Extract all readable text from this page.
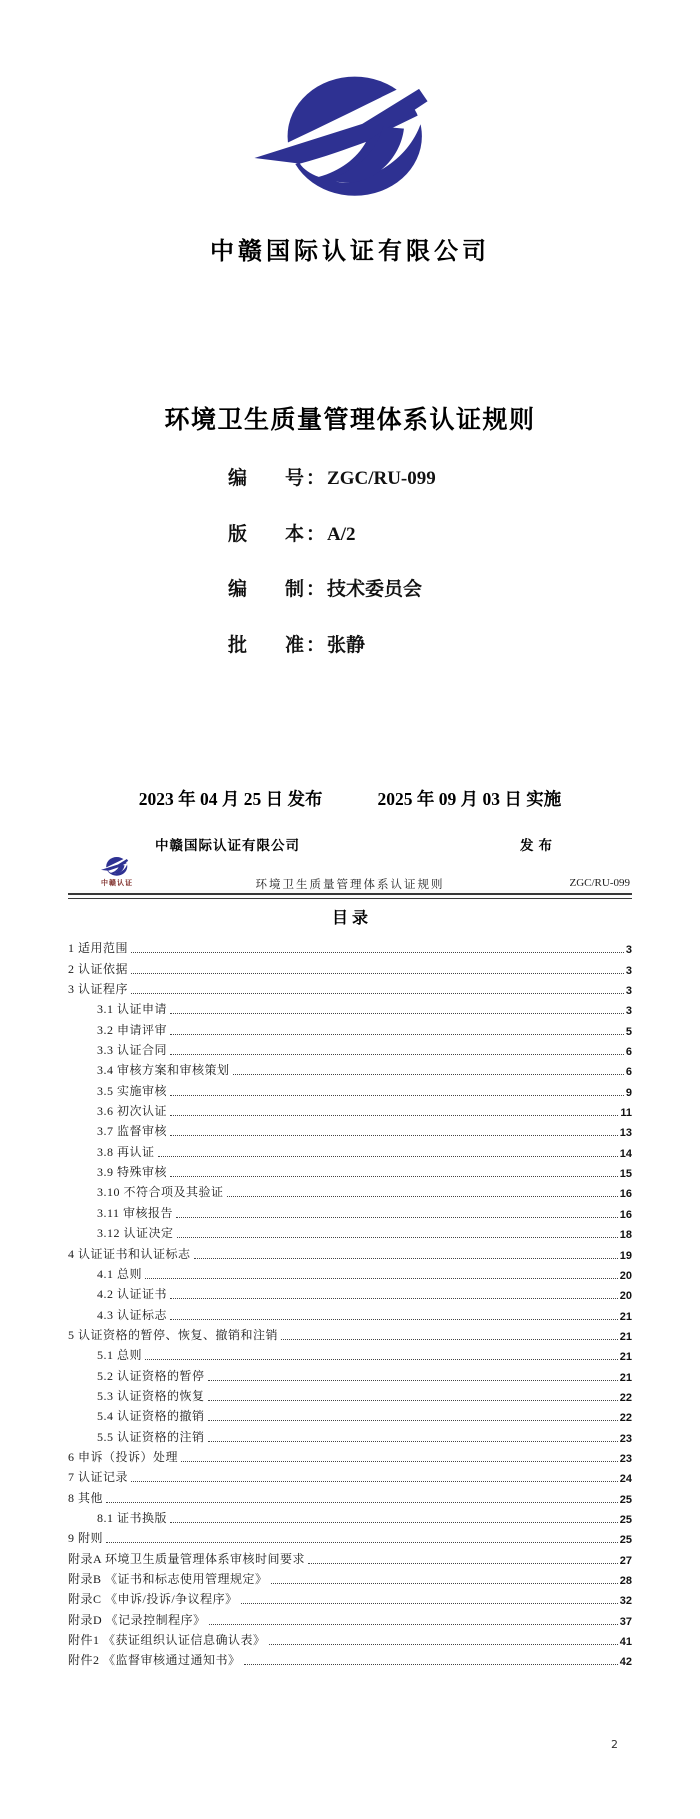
中赣国际认证有限公司
环境卫生质量管理体系认证规则
编　　号 ： ZGC/RU-099
版　　本 ： A/2
编　　制 ： 技术委员会
批　　准 ： 张静
2023 年 04 月 25 日 发布	2025 年 09 月 03 日 实施
中赣国际认证有限公司	发布
中赣认证	环境卫生质量管理体系认证规则	ZGC/RU-099
目 录
1 适用范围	3
2 认证依据	3
3 认证程序	3
3.1 认证申请	3
3.2 申请评审	5
3.3 认证合同	6
3.4 审核方案和审核策划	6
3.5 实施审核	9
3.6 初次认证	11
3.7 监督审核	13
3.8 再认证	14
3.9 特殊审核	15
3.10 不符合项及其验证	16
3.11 审核报告	16
3.12 认证决定	18
4 认证证书和认证标志	19
4.1 总则	20
4.2 认证证书	20
4.3 认证标志	21
5 认证资格的暂停、恢复、撤销和注销	21
5.1 总则	21
5.2 认证资格的暂停	21
5.3 认证资格的恢复	22
5.4 认证资格的撤销	22
5.5 认证资格的注销	23
6 申诉（投诉）处理	23
7 认证记录	24
8 其他	25
8.1 证书换版	25
9 附则	25
附录A 环境卫生质量管理体系审核时间要求	27
附录B 《证书和标志使用管理规定》	28
附录C 《申诉/投诉/争议程序》	32
附录D 《记录控制程序》	37
附件1 《获证组织认证信息确认表》	41
附件2 《监督审核通过通知书》	42
2
